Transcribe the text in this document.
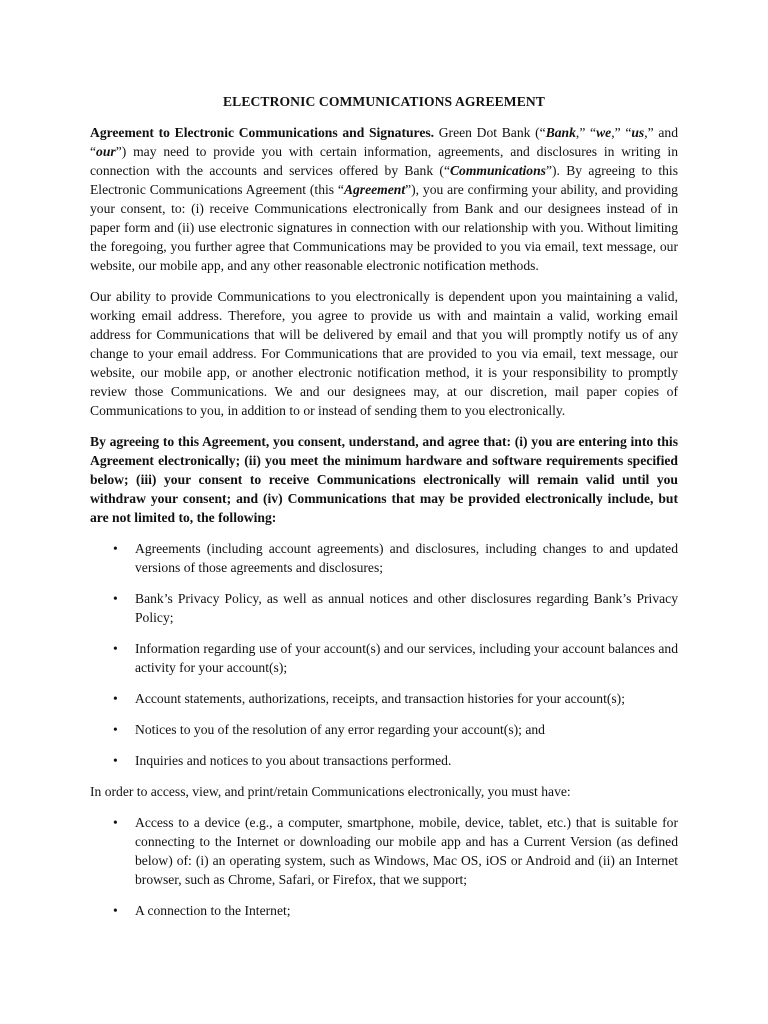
ELECTRONIC COMMUNICATIONS AGREEMENT

Agreement to Electronic Communications and Signatures. Green Dot Bank (“Bank,” “we,” “us,” and “our”) may need to provide you with certain information, agreements, and disclosures in writing in connection with the accounts and services offered by Bank (“Communications”). By agreeing to this Electronic Communications Agreement (this “Agreement”), you are confirming your ability, and providing your consent, to: (i) receive Communications electronically from Bank and our designees instead of in paper form and (ii) use electronic signatures in connection with our relationship with you. Without limiting the foregoing, you further agree that Communications may be provided to you via email, text message, our website, our mobile app, and any other reasonable electronic notification methods.

Our ability to provide Communications to you electronically is dependent upon you maintaining a valid, working email address. Therefore, you agree to provide us with and maintain a valid, working email address for Communications that will be delivered by email and that you will promptly notify us of any change to your email address. For Communications that are provided to you via email, text message, our website, our mobile app, or another electronic notification method, it is your responsibility to promptly review those Communications. We and our designees may, at our discretion, mail paper copies of Communications to you, in addition to or instead of sending them to you electronically.

By agreeing to this Agreement, you consent, understand, and agree that: (i) you are entering into this Agreement electronically; (ii) you meet the minimum hardware and software requirements specified below; (iii) your consent to receive Communications electronically will remain valid until you withdraw your consent; and (iv) Communications that may be provided electronically include, but are not limited to, the following:

• Agreements (including account agreements) and disclosures, including changes to and updated versions of those agreements and disclosures;
• Bank’s Privacy Policy, as well as annual notices and other disclosures regarding Bank’s Privacy Policy;
• Information regarding use of your account(s) and our services, including your account balances and activity for your account(s);
• Account statements, authorizations, receipts, and transaction histories for your account(s);
• Notices to you of the resolution of any error regarding your account(s); and
• Inquiries and notices to you about transactions performed.

In order to access, view, and print/retain Communications electronically, you must have:

• Access to a device (e.g., a computer, smartphone, mobile, device, tablet, etc.) that is suitable for connecting to the Internet or downloading our mobile app and has a Current Version (as defined below) of: (i) an operating system, such as Windows, Mac OS, iOS or Android and (ii) an Internet browser, such as Chrome, Safari, or Firefox, that we support;
• A connection to the Internet;
